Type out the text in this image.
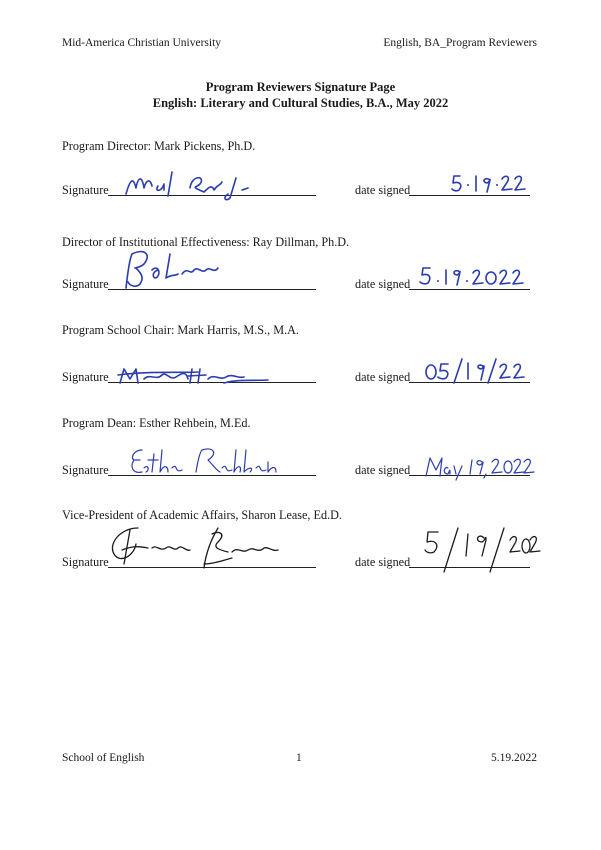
Mid-America Christian University	English, BA_Program Reviewers
Program Reviewers Signature Page
English: Literary and Cultural Studies, B.A., May 2022
Program Director: Mark Pickens, Ph.D.
Signature	date signed
Director of Institutional Effectiveness: Ray Dillman, Ph.D.
Signature	date signed
Program School Chair: Mark Harris, M.S., M.A.
Signature	date signed
Program Dean: Esther Rehbein, M.Ed.
Signature	date signed
Vice-President of Academic Affairs, Sharon Lease, Ed.D.
Signature	date signed
School of English	1	5.19.2022
